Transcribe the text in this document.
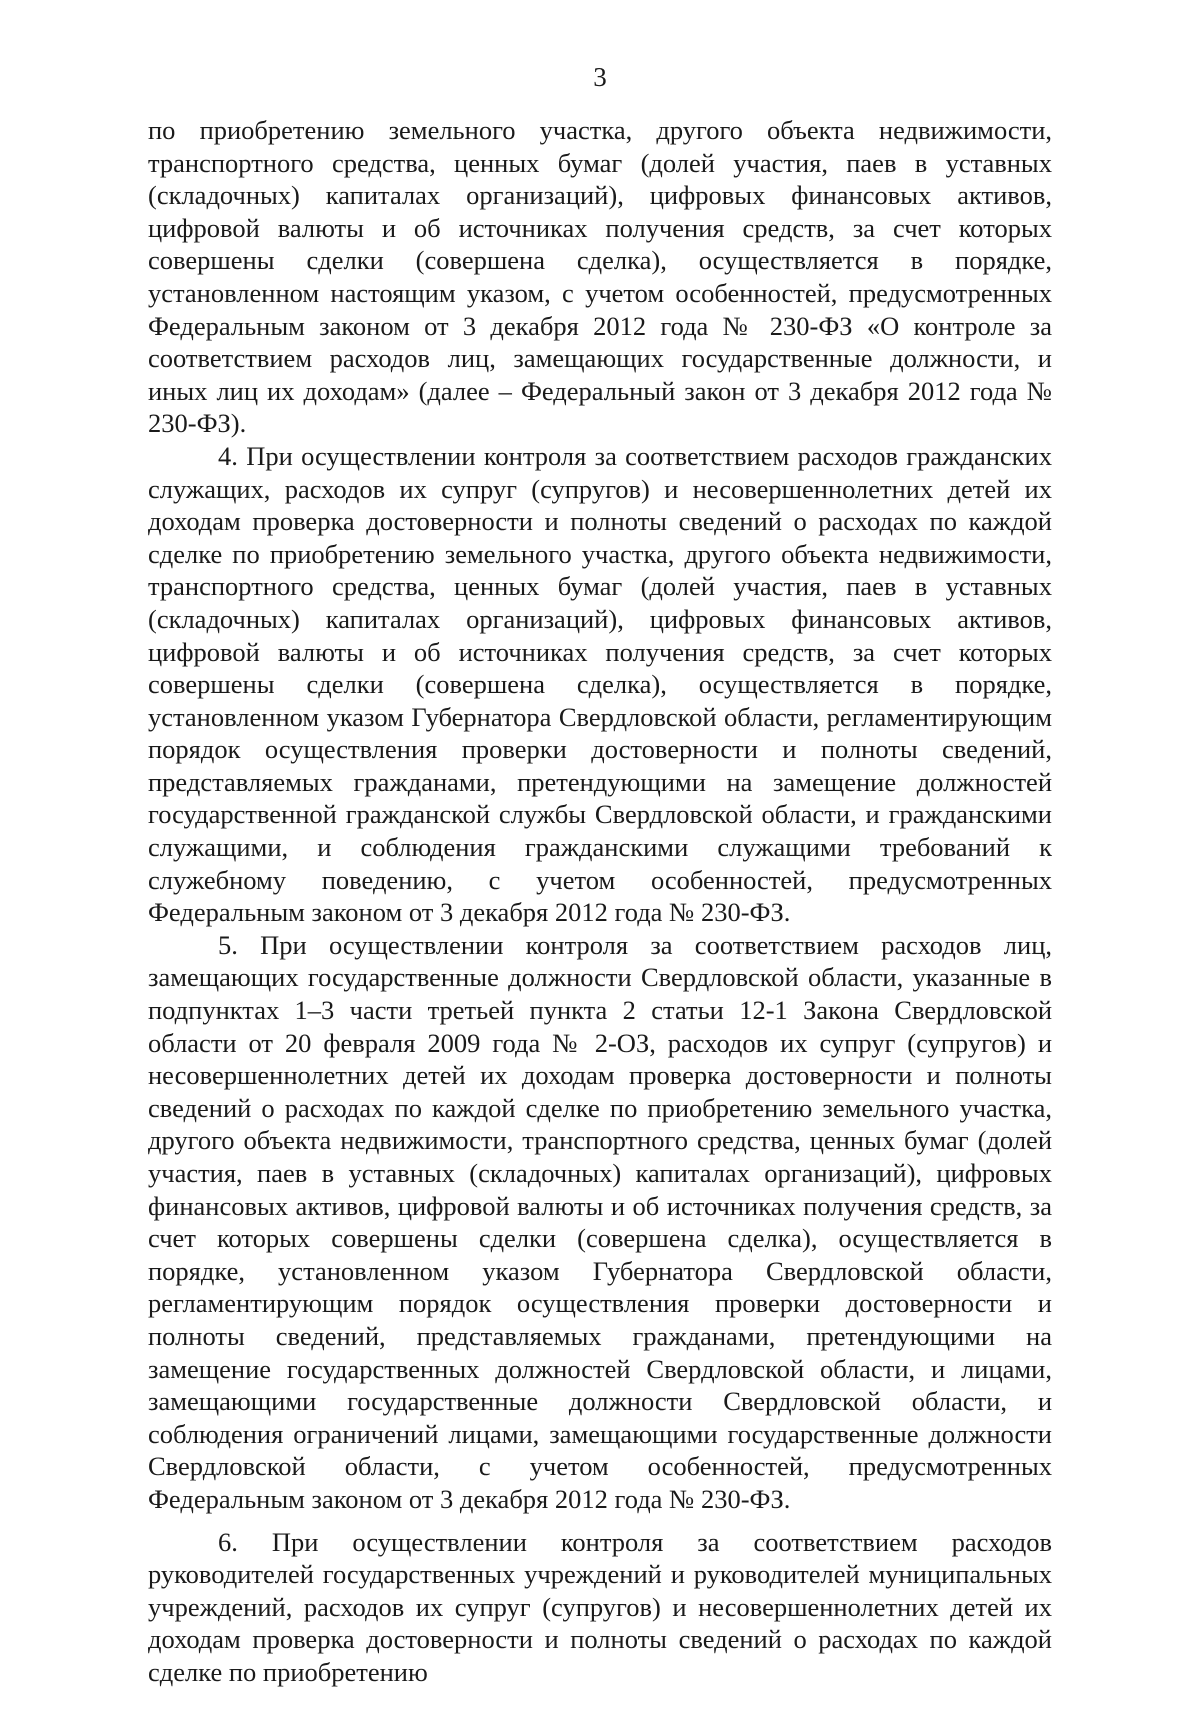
3

по приобретению земельного участка, другого объекта недвижимости, транспортного средства, ценных бумаг (долей участия, паев в уставных (складочных) капиталах организаций), цифровых финансовых активов, цифровой валюты и об источниках получения средств, за счет которых совершены сделки (совершена сделка), осуществляется в порядке, установленном настоящим указом, с учетом особенностей, предусмотренных Федеральным законом от 3 декабря 2012 года № 230-ФЗ «О контроле за соответствием расходов лиц, замещающих государственные должности, и иных лиц их доходам» (далее – Федеральный закон от 3 декабря 2012 года № 230-ФЗ).

4. При осуществлении контроля за соответствием расходов гражданских служащих, расходов их супруг (супругов) и несовершеннолетних детей их доходам проверка достоверности и полноты сведений о расходах по каждой сделке по приобретению земельного участка, другого объекта недвижимости, транспортного средства, ценных бумаг (долей участия, паев в уставных (складочных) капиталах организаций), цифровых финансовых активов, цифровой валюты и об источниках получения средств, за счет которых совершены сделки (совершена сделка), осуществляется в порядке, установленном указом Губернатора Свердловской области, регламентирующим порядок осуществления проверки достоверности и полноты сведений, представляемых гражданами, претендующими на замещение должностей государственной гражданской службы Свердловской области, и гражданскими служащими, и соблюдения гражданскими служащими требований к служебному поведению, с учетом особенностей, предусмотренных Федеральным законом от 3 декабря 2012 года № 230-ФЗ.

5. При осуществлении контроля за соответствием расходов лиц, замещающих государственные должности Свердловской области, указанные в подпунктах 1–3 части третьей пункта 2 статьи 12-1 Закона Свердловской области от 20 февраля 2009 года № 2-ОЗ, расходов их супруг (супругов) и несовершеннолетних детей их доходам проверка достоверности и полноты сведений о расходах по каждой сделке по приобретению земельного участка, другого объекта недвижимости, транспортного средства, ценных бумаг (долей участия, паев в уставных (складочных) капиталах организаций), цифровых финансовых активов, цифровой валюты и об источниках получения средств, за счет которых совершены сделки (совершена сделка), осуществляется в порядке, установленном указом Губернатора Свердловской области, регламентирующим порядок осуществления проверки достоверности и полноты сведений, представляемых гражданами, претендующими на замещение государственных должностей Свердловской области, и лицами, замещающими государственные должности Свердловской области, и соблюдения ограничений лицами, замещающими государственные должности Свердловской области, с учетом особенностей, предусмотренных Федеральным законом от 3 декабря 2012 года № 230-ФЗ.

6. При осуществлении контроля за соответствием расходов руководителей государственных учреждений и руководителей муниципальных учреждений, расходов их супруг (супругов) и несовершеннолетних детей их доходам проверка достоверности и полноты сведений о расходах по каждой сделке по приобретению
